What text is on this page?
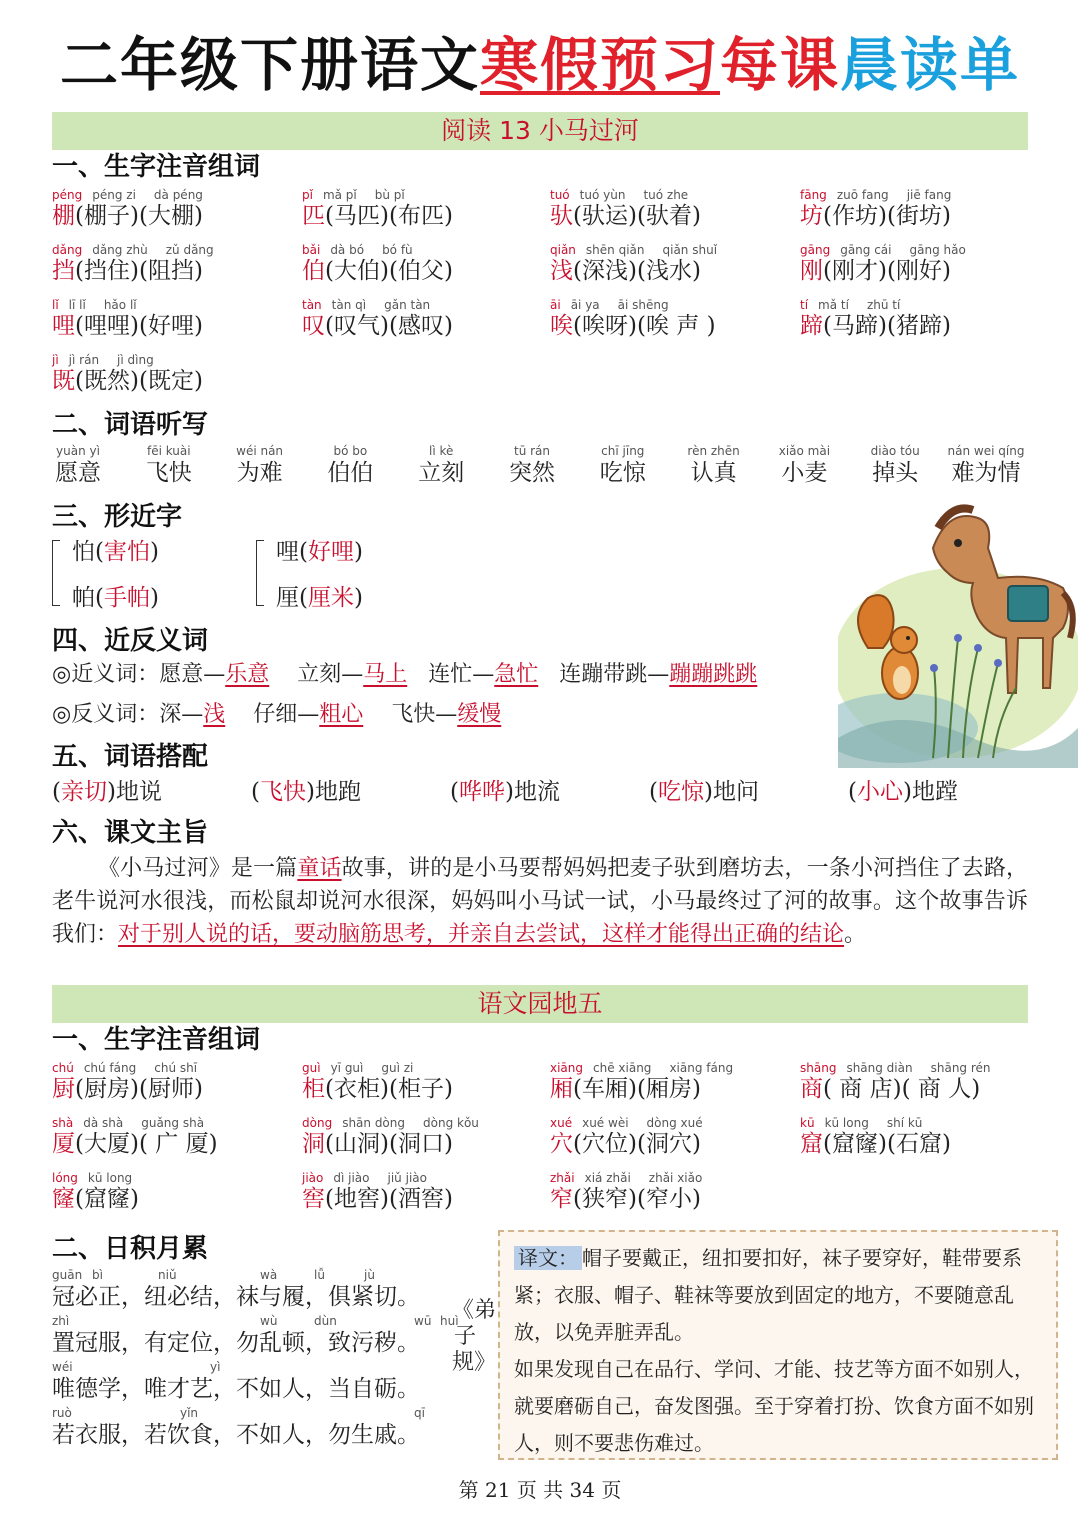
二年级下册语文寒假预习每课晨读单
阅读 13 小马过河
一、生字注音组词
péng péng zi dà péng
棚(棚子)(大棚)
pǐ mǎ pǐ bù pǐ
匹(马匹)(布匹)
tuó tuó yùn tuó zhe
驮(驮运)(驮着)
fāng zuō fang jiē fang
坊(作坊)(街坊)
dǎng dǎng zhù zǔ dǎng
挡(挡住)(阻挡)
bǎi dà bó bó fù
伯(大伯)(伯父)
qiǎn shēn qiǎn qiǎn shuǐ
浅(深浅)(浅水)
gāng gāng cái gāng hǎo
刚(刚才)(刚好)
lǐ lī lǐ hǎo lǐ
哩(哩哩)(好哩)
tàn tàn qì gǎn tàn
叹(叹气)(感叹)
āi āi ya āi shēng
唉(唉呀)(唉 声 )
tí mǎ tí zhū tí
蹄(马蹄)(猪蹄)
jì jì rán jì dìng
既(既然)(既定)
二、词语听写
yuàn yì
愿意
fēi kuài
飞快
wéi nán
为难
bó bo
伯伯
lì kè
立刻
tū rán
突然
chī jīng
吃惊
rèn zhēn
认真
xiǎo mài
小麦
diào tóu
掉头
nán wei qíng
难为情
三、形近字
怕(害怕)
帕(手帕)
哩(好哩)
厘(厘米)
四、近反义词
◎近义词：愿意—乐意 立刻—马上 连忙—急忙 连蹦带跳—蹦蹦跳跳
◎反义词：深—浅 仔细—粗心 飞快—缓慢
五、词语搭配
(亲切)地说	(飞快)地跑	(哗哗)地流	(吃惊)地问	(小心)地蹚
六、课文主旨
《小马过河》是一篇童话故事，讲的是小马要帮妈妈把麦子驮到磨坊去，一条小河挡住了去路，老牛说河水很浅，而松鼠却说河水很深，妈妈叫小马试一试，小马最终过了河的故事。这个故事告诉我们：对于别人说的话，要动脑筋思考，并亲自去尝试，这样才能得出正确的结论。
语文园地五
一、生字注音组词
chú chú fáng chú shī
厨(厨房)(厨师)
guì yī guì guì zi
柜(衣柜)(柜子)
xiāng chē xiāng xiāng fáng
厢(车厢)(厢房)
shāng shāng diàn shāng rén
商( 商 店)( 商 人)
shà dà shà guǎng shà
厦(大厦)( 广 厦)
dòng shān dòng dòng kǒu
洞(山洞)(洞口)
xué xué wèi dòng xué
穴(穴位)(洞穴)
kū kū long shí kū
窟(窟窿)(石窟)
lóng kū long
窿(窟窿)
jiào dì jiào jiǔ jiào
窖(地窖)(酒窖)
zhǎi xiá zhǎi zhǎi xiǎo
窄(狭窄)(窄小)
二、日积月累
guān bì	niǔ	wà	lǚ	jù
冠必正，纽必结，袜与履，俱紧切。
zhì	wù	dùn	wū huì
置冠服，有定位，勿乱顿，致污秽。
wéi	yì
唯德学，唯才艺，不如人，当自砺。
ruò	yǐn	qī
若衣服，若饮食，不如人，勿生戚。
《弟子规》
译文： 帽子要戴正，纽扣要扣好，袜子要穿好，鞋带要系紧；衣服、帽子、鞋袜等要放到固定的地方，不要随意乱放，以免弄脏弄乱。
如果发现自己在品行、学问、才能、技艺等方面不如别人，就要磨砺自己，奋发图强。至于穿着打扮、饮食方面不如别人，则不要悲伤难过。
第 21 页 共 34 页
